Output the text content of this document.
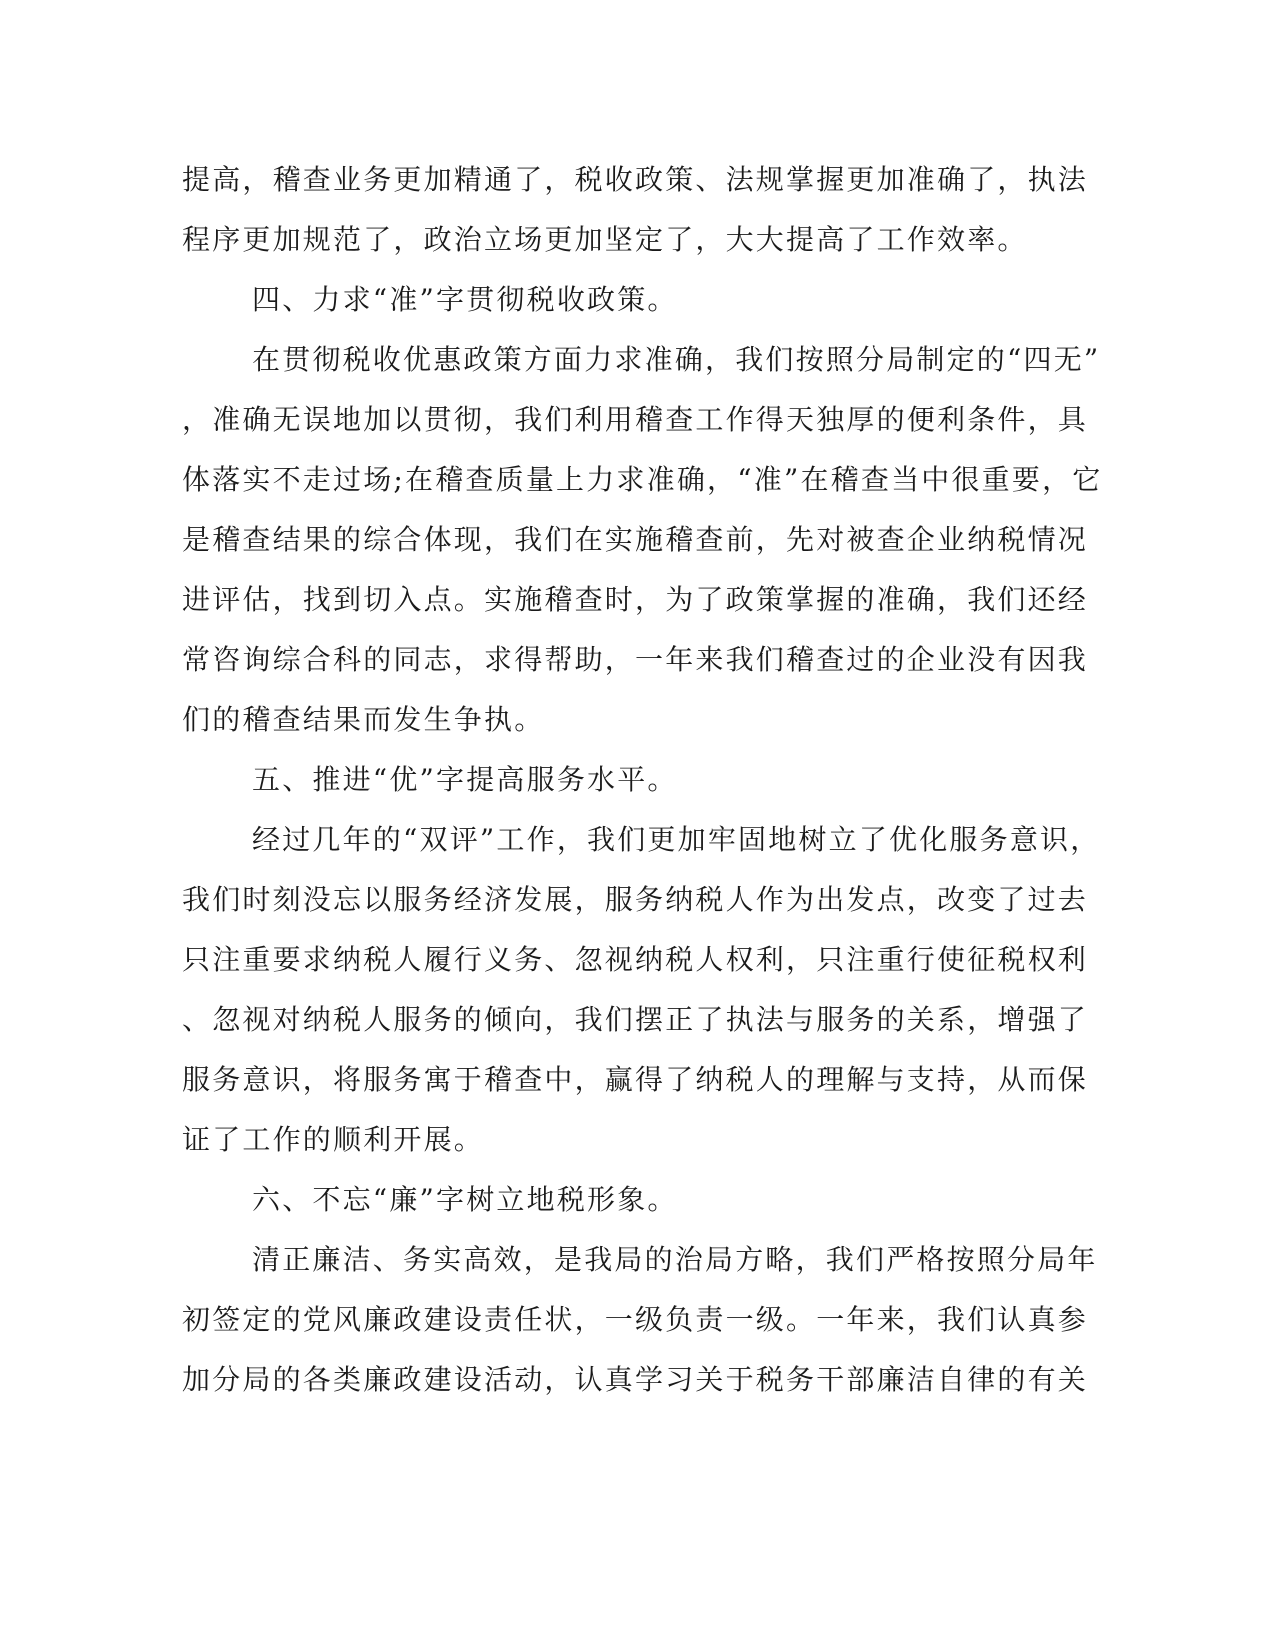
提高，稽查业务更加精通了，税收政策、法规掌握更加准确了，执法
程序更加规范了，政治立场更加坚定了，大大提高了工作效率。
四、力求“准”字贯彻税收政策。
在贯彻税收优惠政策方面力求准确，我们按照分局制定的“四无”
，准确无误地加以贯彻，我们利用稽查工作得天独厚的便利条件，具
体落实不走过场;在稽查质量上力求准确，“准”在稽查当中很重要，它
是稽查结果的综合体现，我们在实施稽查前，先对被查企业纳税情况
进评估，找到切入点。实施稽查时，为了政策掌握的准确，我们还经
常咨询综合科的同志，求得帮助，一年来我们稽查过的企业没有因我
们的稽查结果而发生争执。
五、推进“优”字提高服务水平。
经过几年的“双评”工作，我们更加牢固地树立了优化服务意识，
我们时刻没忘以服务经济发展，服务纳税人作为出发点，改变了过去
只注重要求纳税人履行义务、忽视纳税人权利，只注重行使征税权利
、忽视对纳税人服务的倾向，我们摆正了执法与服务的关系，增强了
服务意识，将服务寓于稽查中，赢得了纳税人的理解与支持，从而保
证了工作的顺利开展。
六、不忘“廉”字树立地税形象。
清正廉洁、务实高效，是我局的治局方略，我们严格按照分局年
初签定的党风廉政建设责任状，一级负责一级。一年来，我们认真参
加分局的各类廉政建设活动，认真学习关于税务干部廉洁自律的有关
